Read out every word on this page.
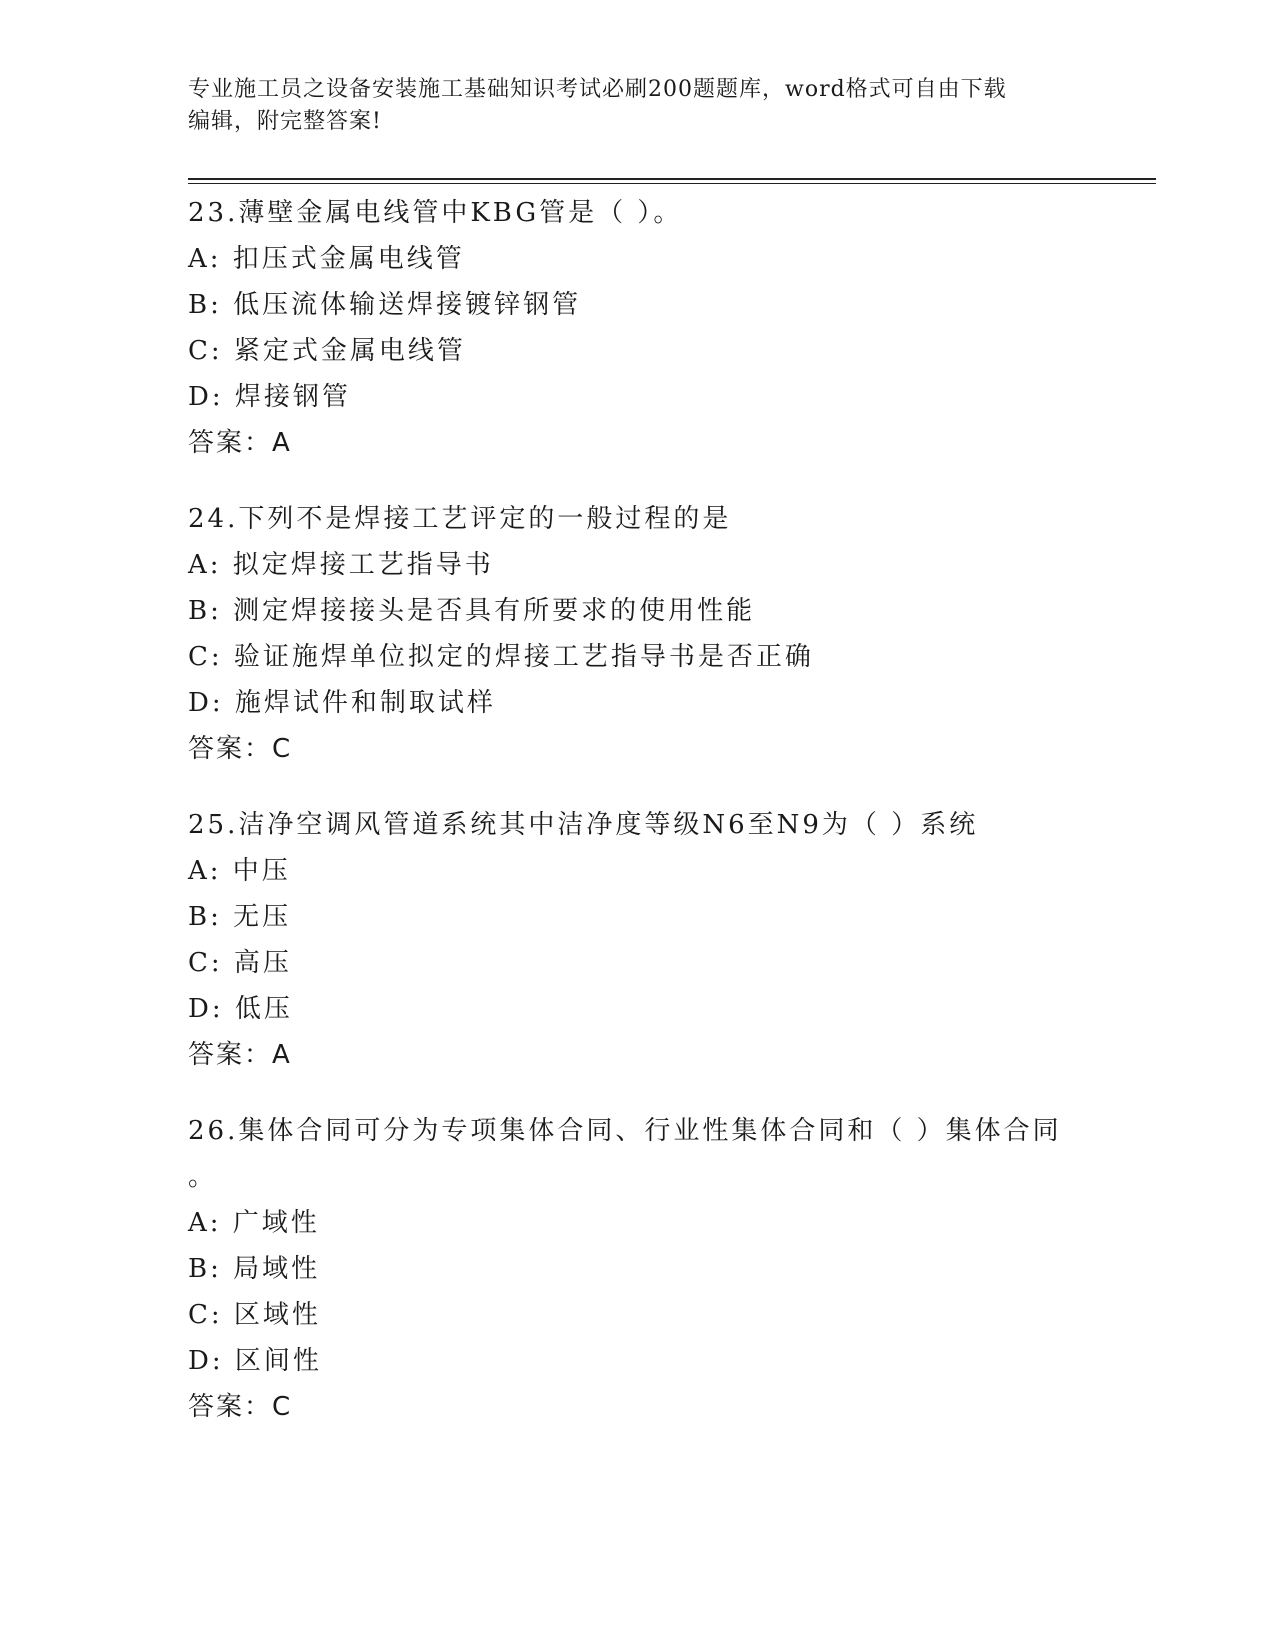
专业施工员之设备安装施工基础知识考试必刷200题题库，word格式可自由下载
编辑，附完整答案!
23.薄壁金属电线管中KBG管是（ ）。
A: 扣压式金属电线管
B: 低压流体输送焊接镀锌钢管
C: 紧定式金属电线管
D: 焊接钢管
答案：A
24.下列不是焊接工艺评定的一般过程的是
A: 拟定焊接工艺指导书
B: 测定焊接接头是否具有所要求的使用性能
C: 验证施焊单位拟定的焊接工艺指导书是否正确
D: 施焊试件和制取试样
答案：C
25.洁净空调风管道系统其中洁净度等级N6至N9为（ ）系统
A: 中压
B: 无压
C: 高压
D: 低压
答案：A
26.集体合同可分为专项集体合同、行业性集体合同和（ ）集体合同
。
A: 广域性
B: 局域性
C: 区域性
D: 区间性
答案：C
